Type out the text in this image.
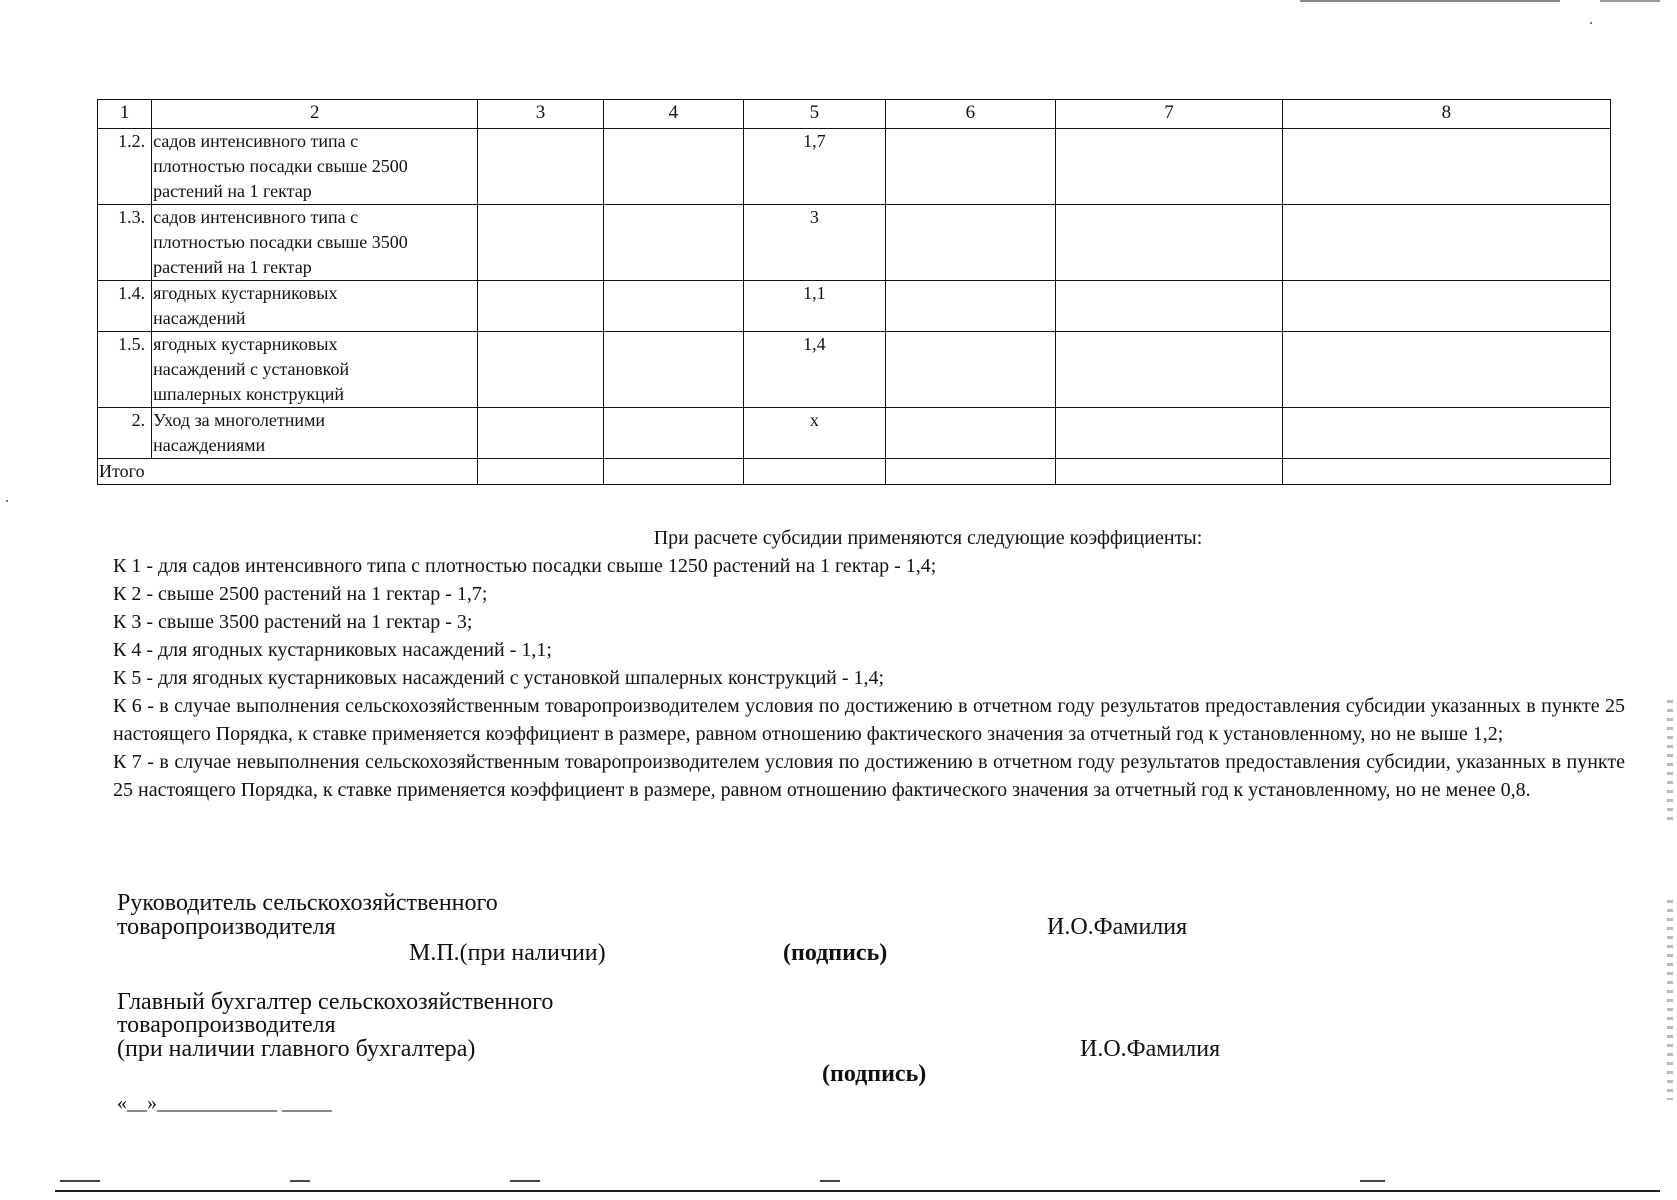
1	2	3	4	5	6	7	8
1.2.	садов интенсивного типа с
плотностью посадки свыше 2500
растений на 1 гектар			1,7			
1.3.	садов интенсивного типа с
плотностью посадки свыше 3500
растений на 1 гектар			3			
1.4.	ягодных кустарниковых
насаждений			1,1			
1.5.	ягодных кустарниковых
насаждений с установкой
шпалерных конструкций			1,4			
2.	Уход за многолетними
насаждениями			х			
Итого							
При расчете субсидии применяются следующие коэффициенты:

К 1 - для садов интенсивного типа с плотностью посадки свыше 1250 растений на 1 гектар - 1,4;

К 2 - свыше 2500 растений на 1 гектар - 1,7;

К 3 - свыше 3500 растений на 1 гектар - 3;

К 4 - для ягодных кустарниковых насаждений - 1,1;

К 5 - для ягодных кустарниковых насаждений с установкой шпалерных конструкций - 1,4;

К 6 - в случае выполнения сельскохозяйственным товаропроизводителем условия по достижению в отчетном году результатов предоставления субсидии указанных в пункте 25 настоящего Порядка, к ставке применяется коэффициент в размере, равном отношению фактического значения за отчетный год к установленному, но не выше 1,2;

К 7 - в случае невыполнения сельскохозяйственным товаропроизводителем условия по достижению в отчетном году результатов предоставления субсидии, указанных в пункте 25 настоящего Порядка, к ставке применяется коэффициент в размере, равном отношению фактического значения за отчетный год к установленному, но не менее 0,8.

Руководитель сельскохозяйственного
товаропроизводителя	И.О.Фамилия
М.П.(при наличии)	(подпись)
Главный бухгалтер сельскохозяйственного
товаропроизводителя
(при наличии главного бухгалтера)	И.О.Фамилия
(подпись)
«__»____________ _____
